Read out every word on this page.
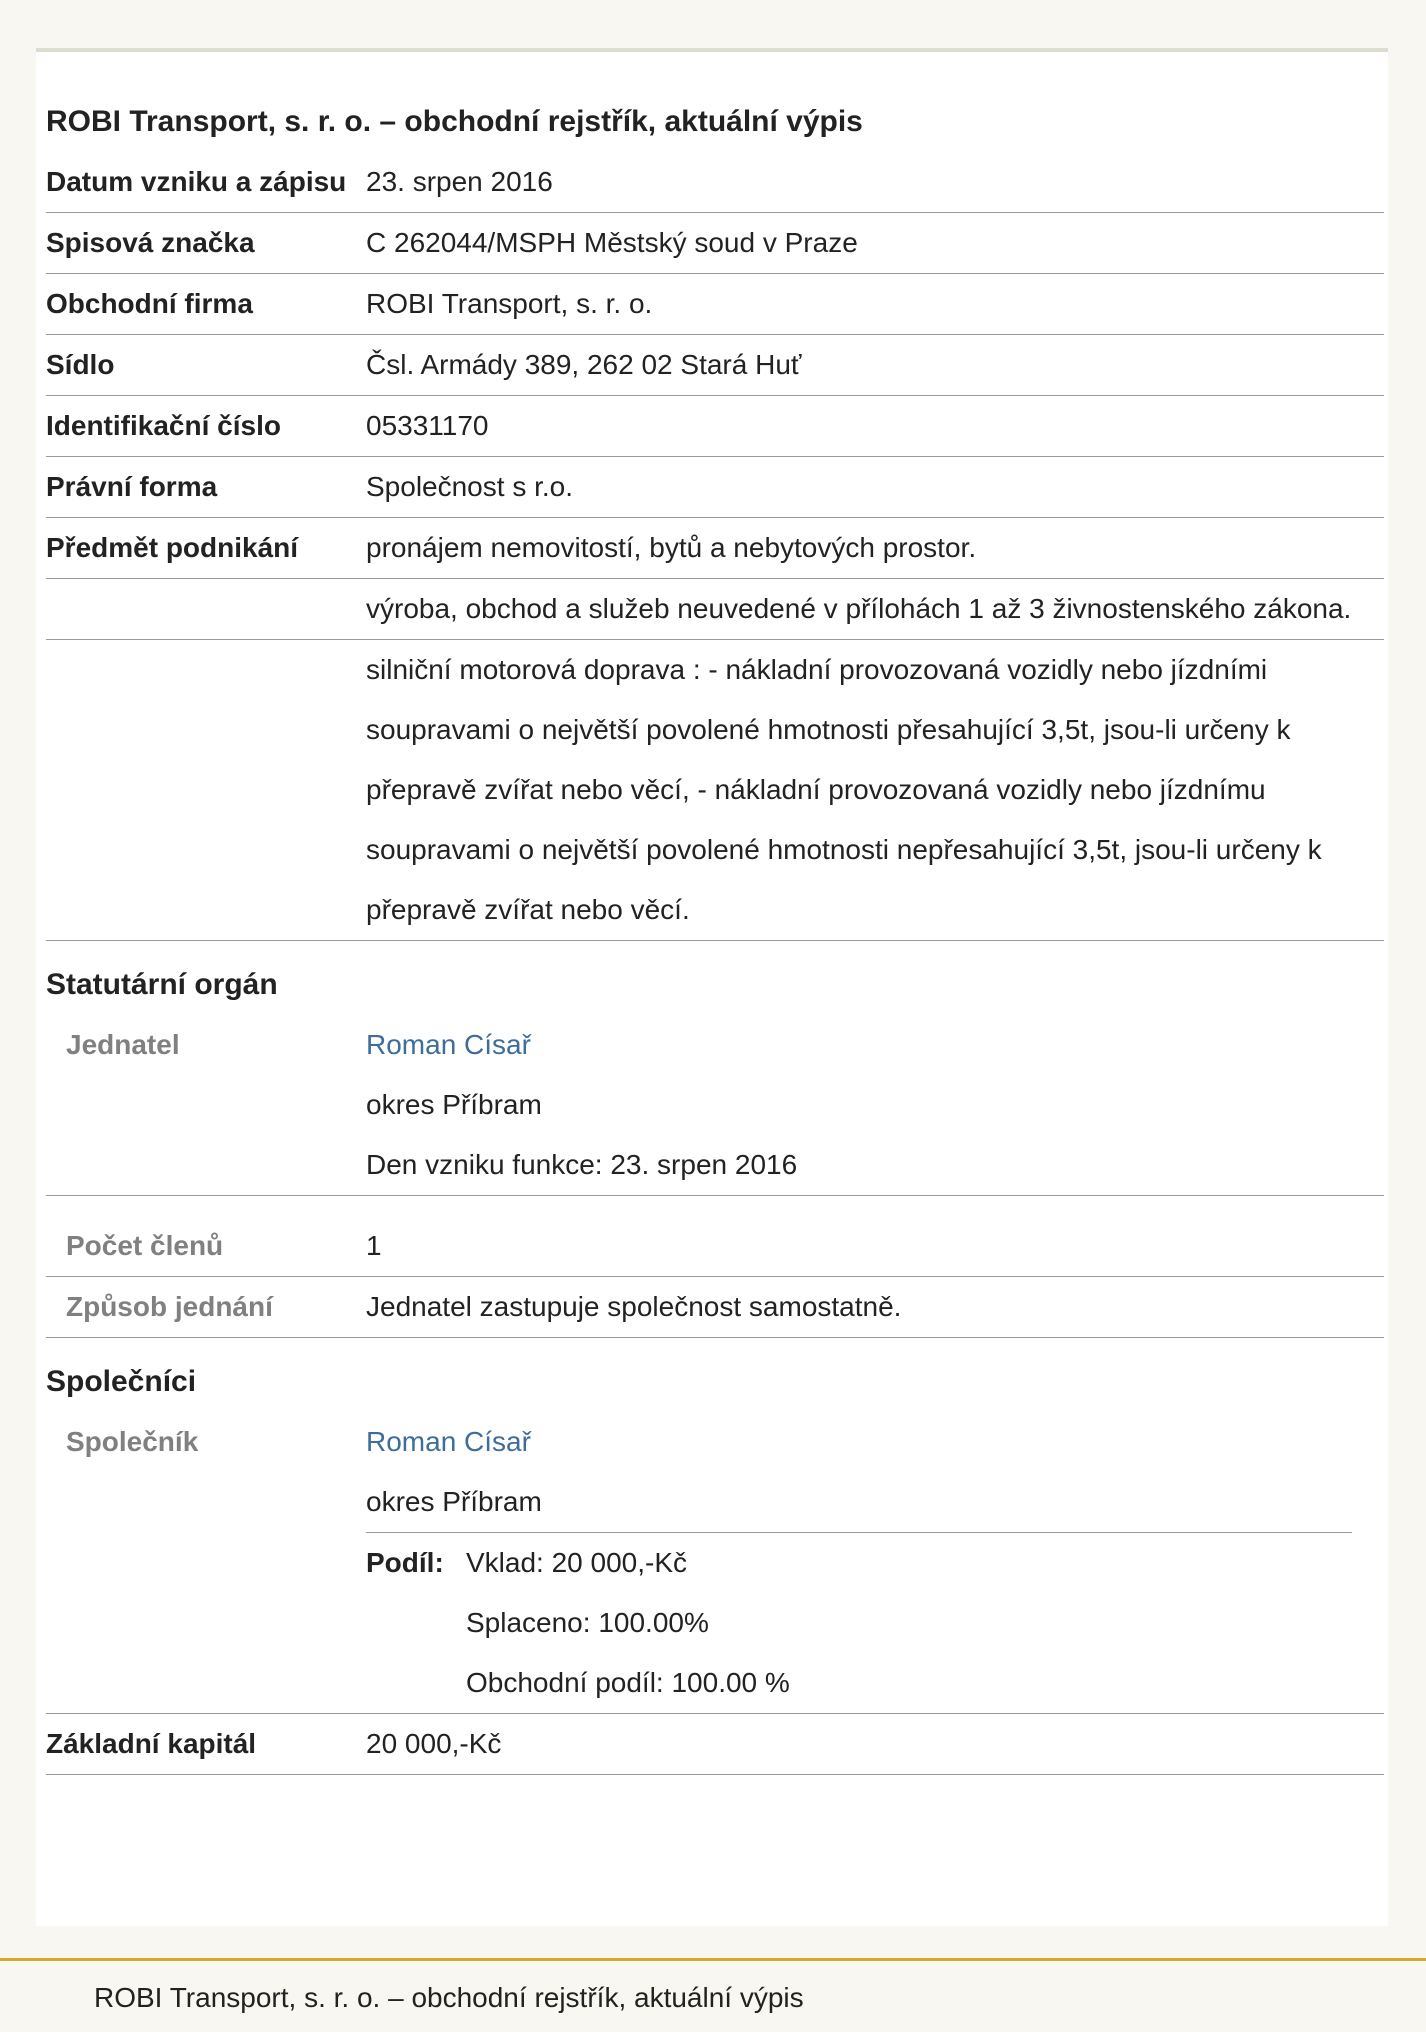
ROBI Transport, s. r. o. – obchodní rejstřík, aktuální výpis
Datum vzniku a zápisu 23. srpen 2016
Spisová značka	C 262044/MSPH Městský soud v Praze
Obchodní firma	ROBI Transport, s. r. o.
Sídlo	Čsl. Armády 389, 262 02 Stará Huť
Identifikační číslo	05331170
Právní forma	Společnost s r.o.
Předmět podnikání	pronájem nemovitostí, bytů a nebytových prostor.
výroba, obchod a služeb neuvedené v přílohách 1 až 3 živnostenského zákona.
silniční motorová doprava : - nákladní provozovaná vozidly nebo jízdními soupravami o největší povolené hmotnosti přesahující 3,5t, jsou-li určeny k přepravě zvířat nebo věcí, - nákladní provozovaná vozidly nebo jízdnímu soupravami o největší povolené hmotnosti nepřesahující 3,5t, jsou-li určeny k přepravě zvířat nebo věcí.
Statutární orgán
Jednatel	Roman Císař
okres Příbram
Den vzniku funkce: 23. srpen 2016
Počet členů	1
Způsob jednání	Jednatel zastupuje společnost samostatně.
Společníci
Společník	Roman Císař
okres Příbram
Podíl: Vklad: 20 000,-Kč
Splaceno: 100.00%
Obchodní podíl: 100.00 %
Základní kapitál	20 000,-Kč
ROBI Transport, s. r. o. – obchodní rejstřík, aktuální výpis
